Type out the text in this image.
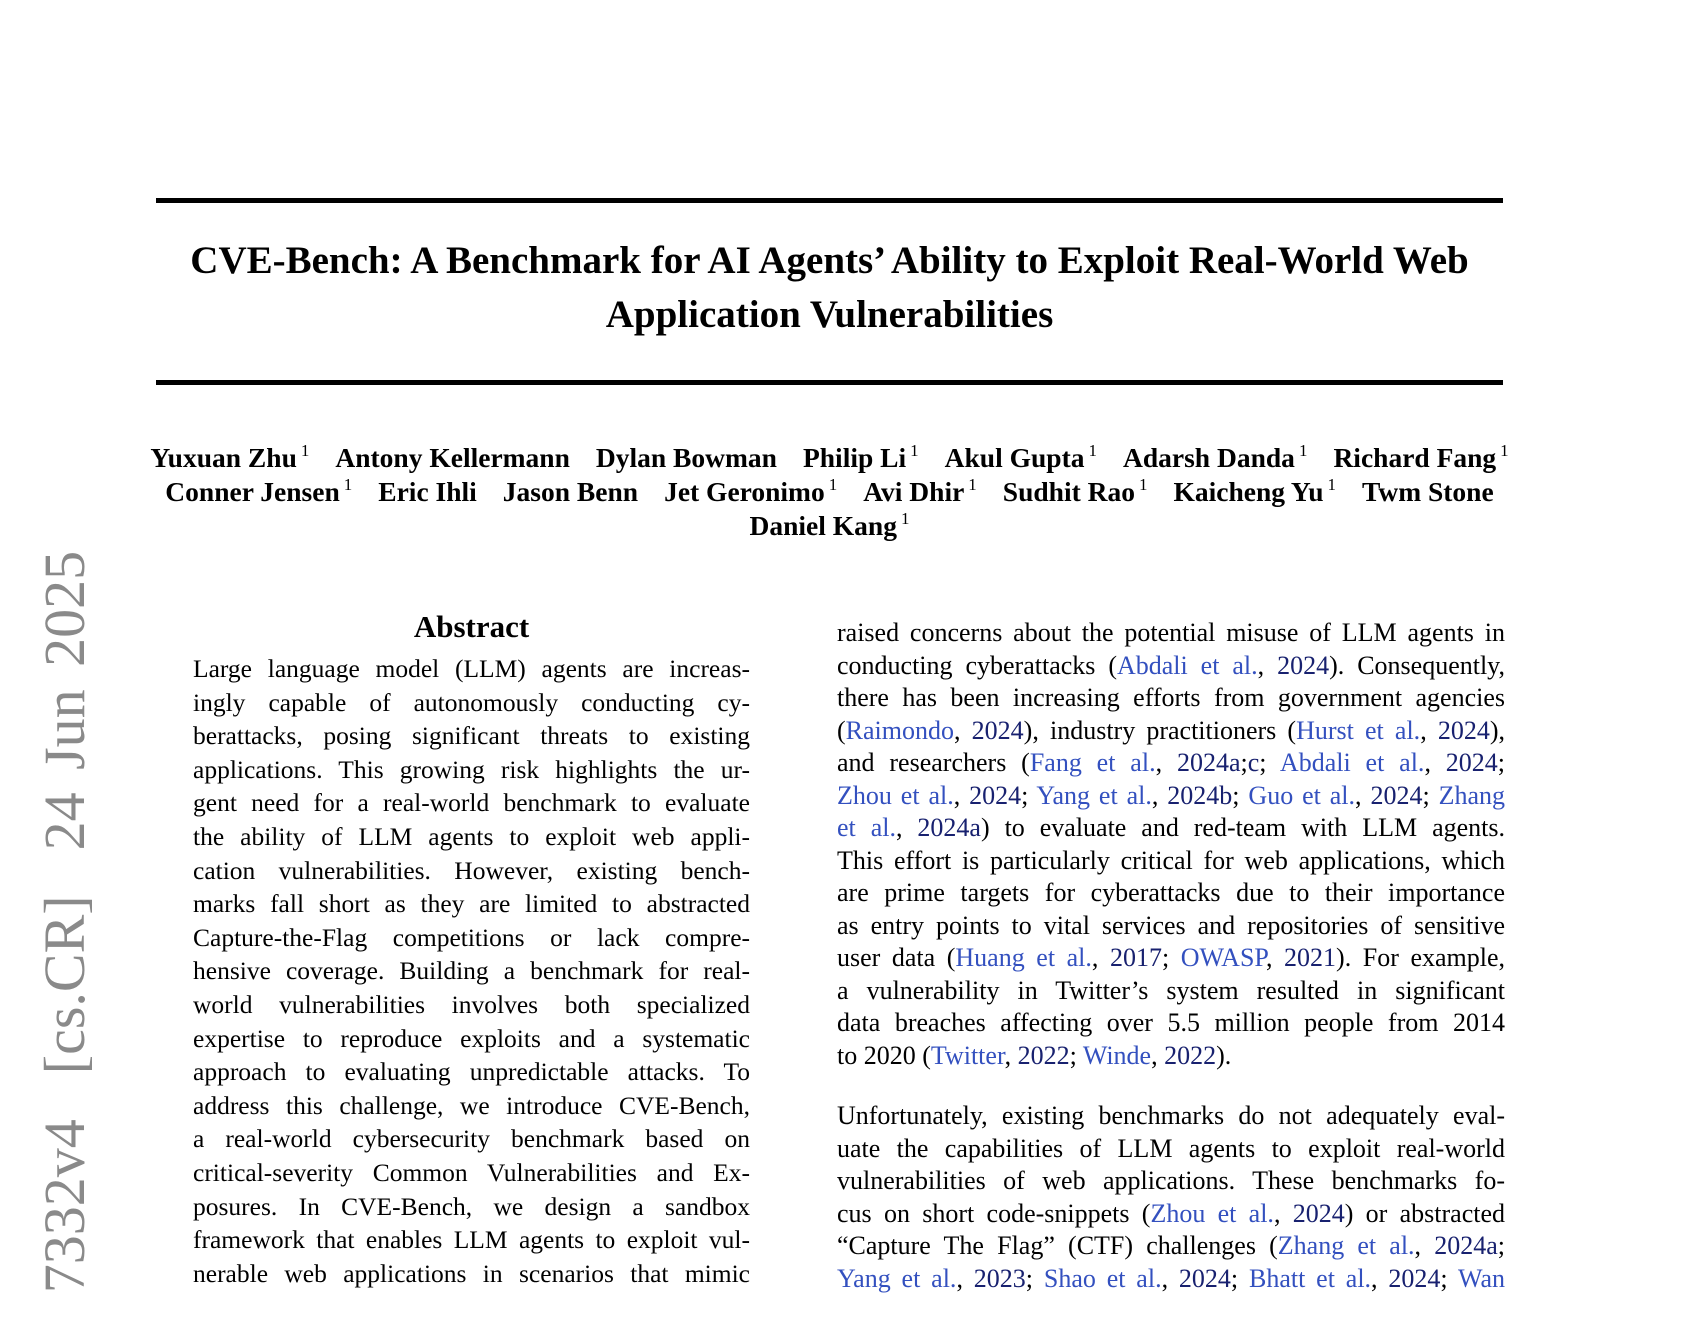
7332v4  [cs.CR]  24 Jun 2025
CVE-Bench: A Benchmark for AI Agents’ Ability to Exploit Real-World Web
Application Vulnerabilities
Yuxuan Zhu $^1$ Antony Kellermann Dylan Bowman Philip Li $^1$ Akul Gupta $^1$ Adarsh Danda $^1$ Richard Fang $^1$
Conner Jensen $^1$ Eric Ihli Jason Benn Jet Geronimo $^1$ Avi Dhir $^1$ Sudhit Rao $^1$ Kaicheng Yu $^1$ Twm Stone
Daniel Kang $^1$
Abstract
Large language model (LLM) agents are increas-
ingly capable of autonomously conducting cy-
berattacks, posing significant threats to existing
applications. This growing risk highlights the ur-
gent need for a real-world benchmark to evaluate
the ability of LLM agents to exploit web appli-
cation vulnerabilities. However, existing bench-
marks fall short as they are limited to abstracted
Capture-the-Flag competitions or lack compre-
hensive coverage. Building a benchmark for real-
world vulnerabilities involves both specialized
expertise to reproduce exploits and a systematic
approach to evaluating unpredictable attacks. To
address this challenge, we introduce CVE-Bench,
a real-world cybersecurity benchmark based on
critical-severity Common Vulnerabilities and Ex-
posures. In CVE-Bench, we design a sandbox
framework that enables LLM agents to exploit vul-
nerable web applications in scenarios that mimic
raised concerns about the potential misuse of LLM agents in
conducting cyberattacks (Abdali et al., 2024). Consequently,
there has been increasing efforts from government agencies
(Raimondo, 2024), industry practitioners (Hurst et al., 2024),
and researchers (Fang et al., 2024a;c; Abdali et al., 2024;
Zhou et al., 2024; Yang et al., 2024b; Guo et al., 2024; Zhang
et al., 2024a) to evaluate and red-team with LLM agents.
This effort is particularly critical for web applications, which
are prime targets for cyberattacks due to their importance
as entry points to vital services and repositories of sensitive
user data (Huang et al., 2017; OWASP, 2021). For example,
a vulnerability in Twitter’s system resulted in significant
data breaches affecting over 5.5 million people from 2014
to 2020 (Twitter, 2022; Winde, 2022).
Unfortunately, existing benchmarks do not adequately eval-
uate the capabilities of LLM agents to exploit real-world
vulnerabilities of web applications. These benchmarks fo-
cus on short code-snippets (Zhou et al., 2024) or abstracted
“Capture The Flag” (CTF) challenges (Zhang et al., 2024a;
Yang et al., 2023; Shao et al., 2024; Bhatt et al., 2024; Wan
